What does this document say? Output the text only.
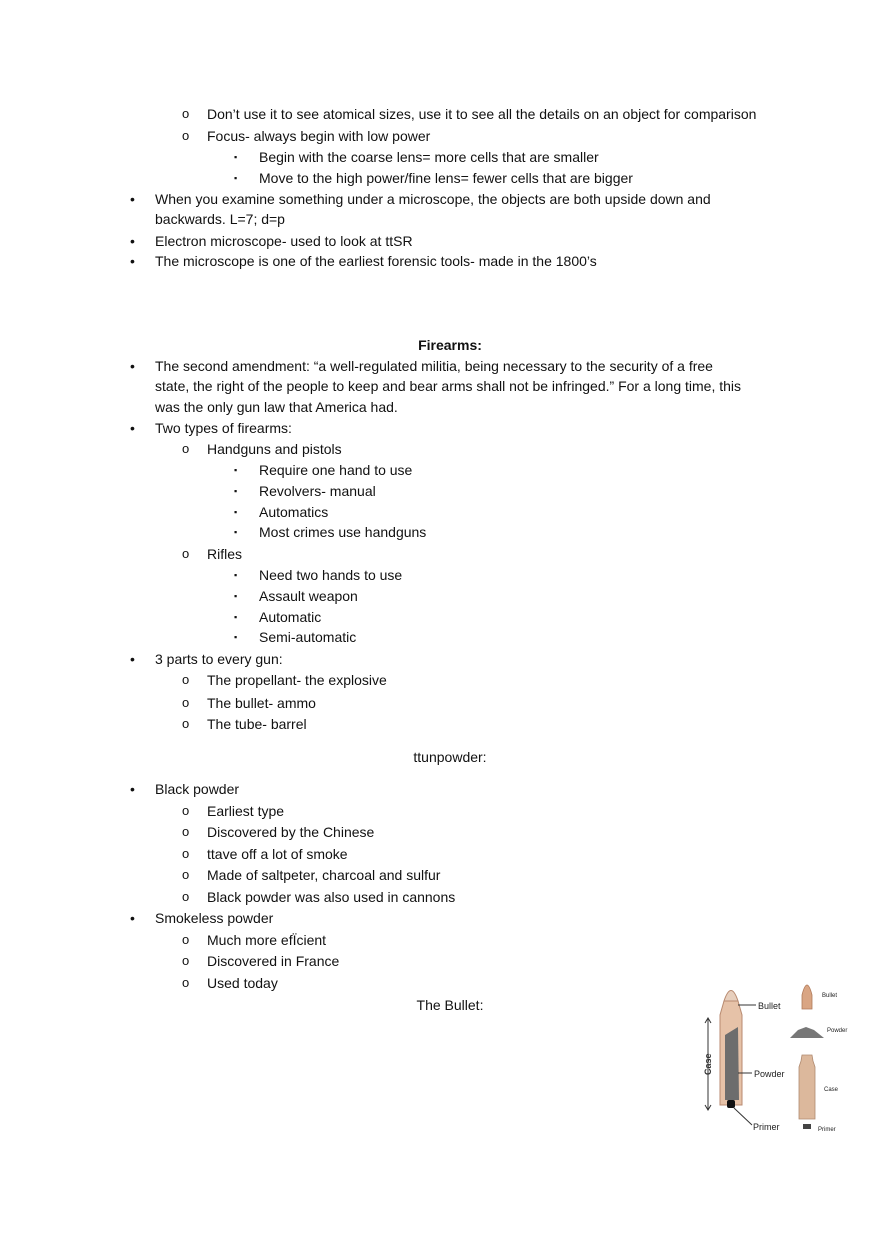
o Don’t use it to see atomical sizes, use it to see all the details on an object for comparison
o Focus- always begin with low power
▪ Begin with the coarse lens= more cells that are smaller
▪ Move to the high power/fine lens= fewer cells that are bigger
• When you examine something under a microscope, the objects are both upside down and
backwards. L=7; d=p
• Electron microscope- used to look at ttSR
• The microscope is one of the earliest forensic tools- made in the 1800’s
Firearms:
• The second amendment: “a well-regulated militia, being necessary to the security of a free
state, the right of the people to keep and bear arms shall not be infringed.” For a long time, this
was the only gun law that America had.
• Two types of firearms:
o Handguns and pistols
▪ Require one hand to use
▪ Revolvers- manual
▪ Automatics
▪ Most crimes use handguns
o Rifles
▪ Need two hands to use
▪ Assault weapon
▪ Automatic
▪ Semi-automatic
• 3 parts to every gun:
o The propellant- the explosive
o The bullet- ammo
o The tube- barrel
ttunpowder:
• Black powder
o Earliest type
o Discovered by the Chinese
o ttave off a lot of smoke
o Made of saltpeter, charcoal and sulfur
o Black powder was also used in cannons
• Smokeless powder
o Much more efÏcient
o Discovered in France
o Used today
The Bullet:
Case
Bullet
Powder
Primer
Bullet
Powder
Case
Primer
